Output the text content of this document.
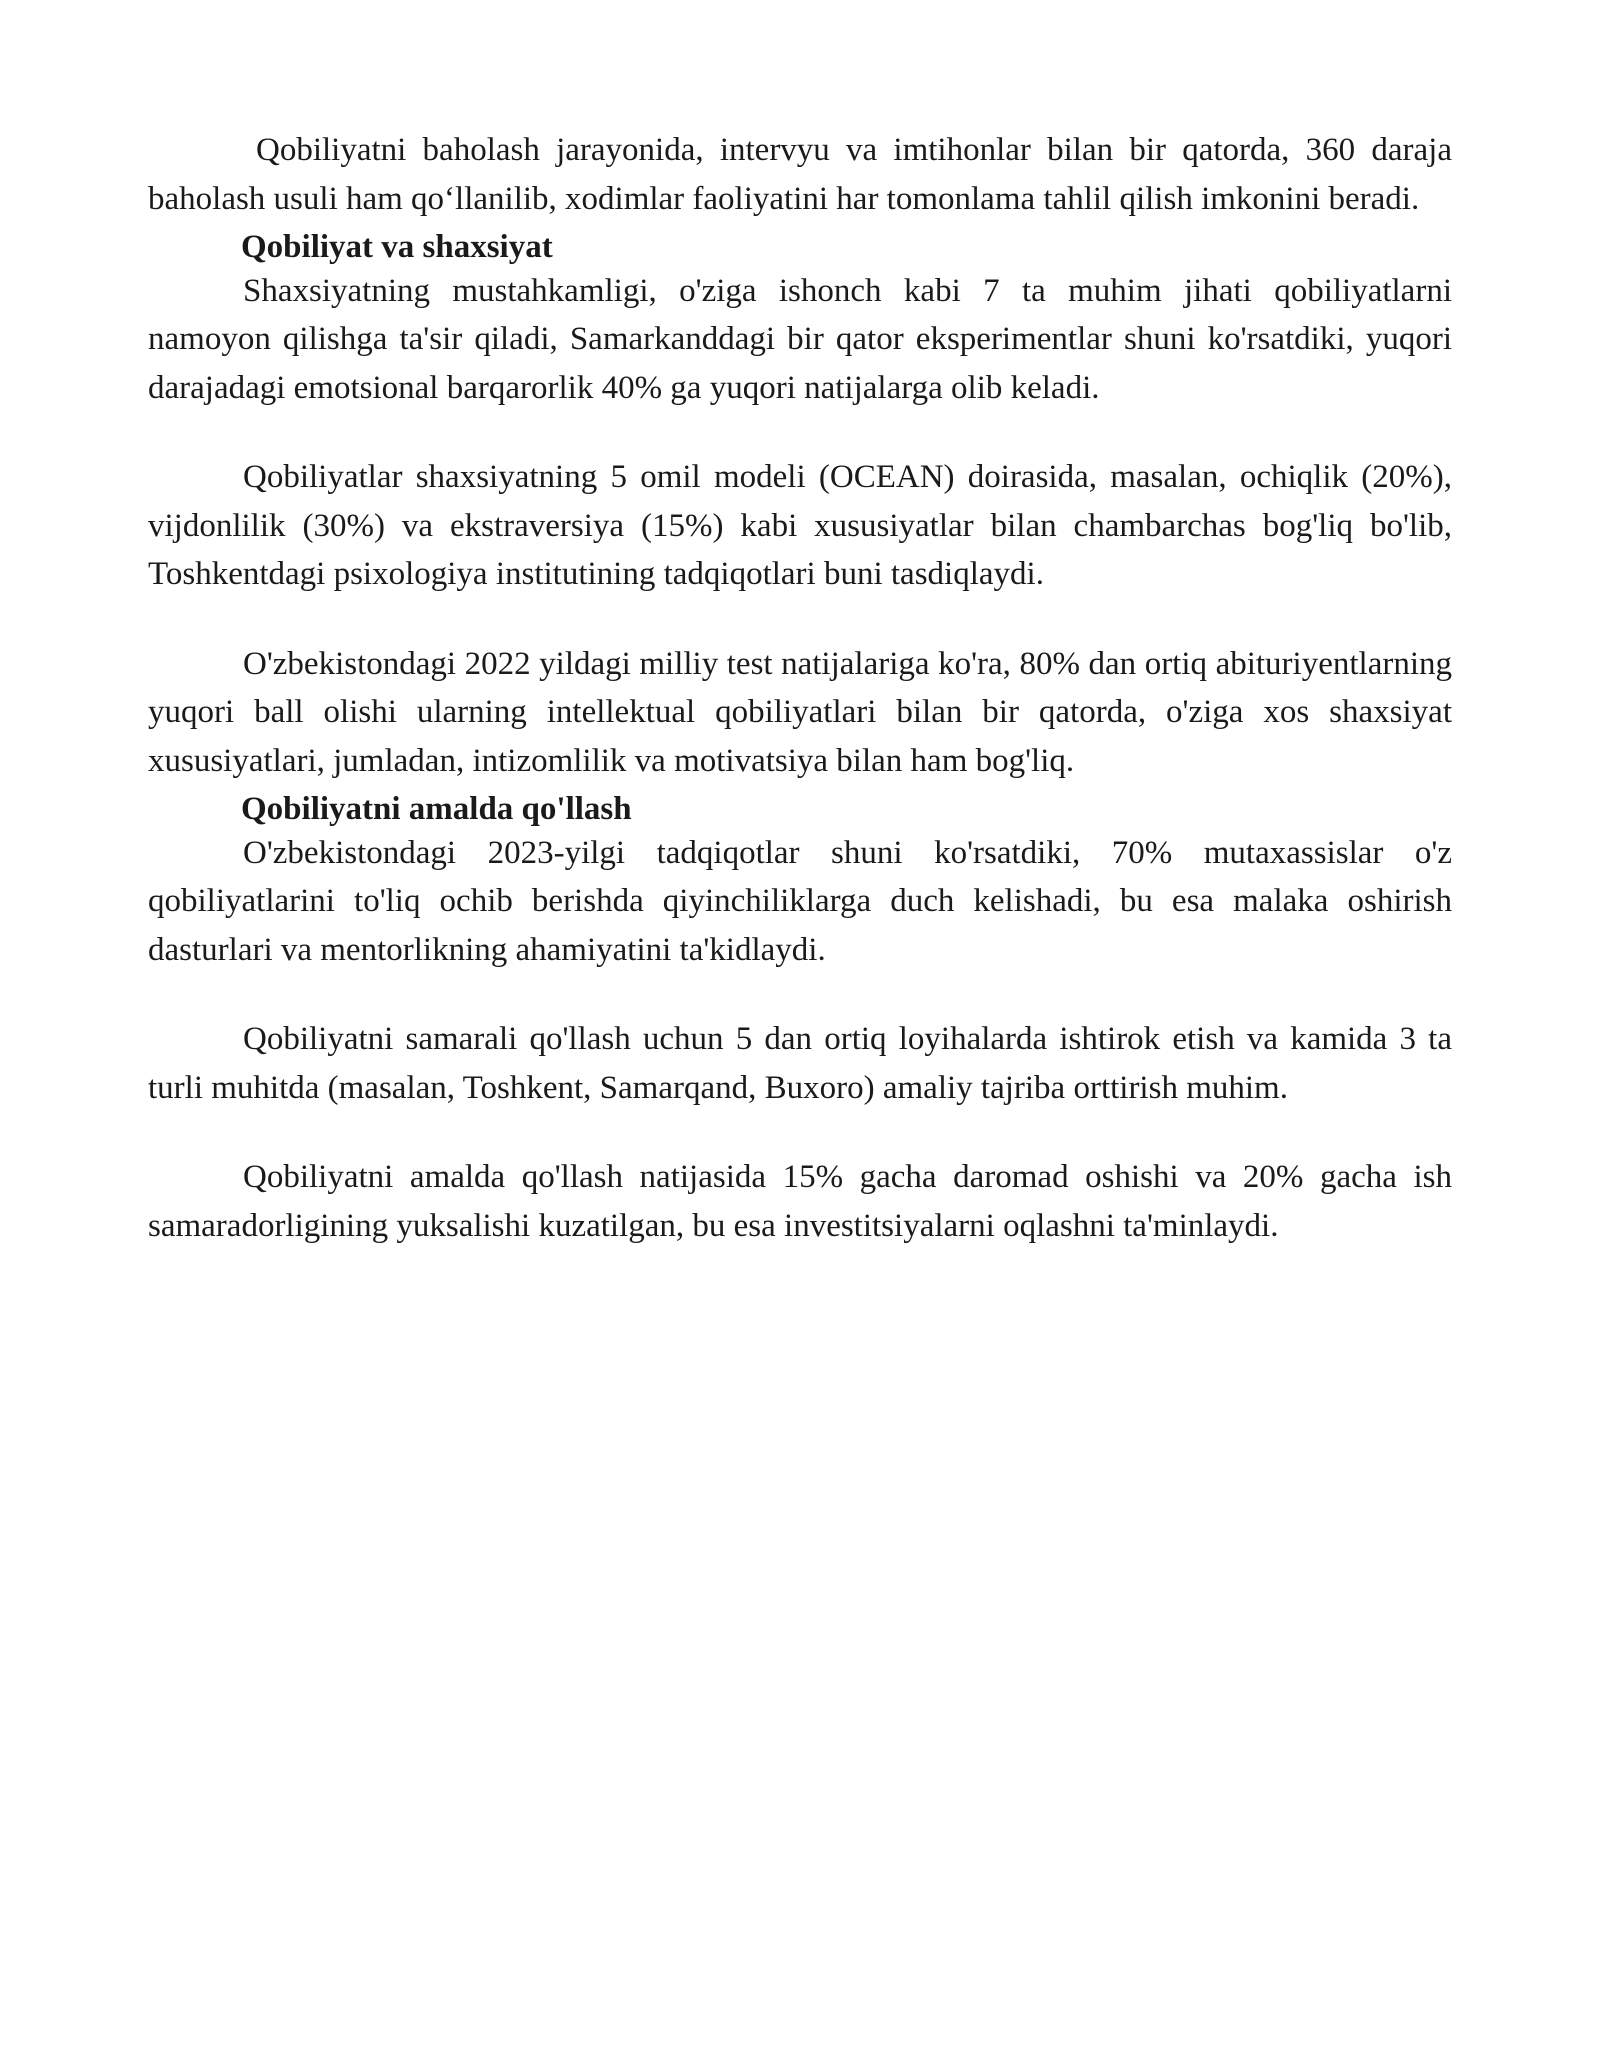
Qobiliyatni baholash jarayonida, intervyu va imtihonlar bilan bir qatorda, 360 daraja baholash usuli ham qo‘llanilib, xodimlar faoliyatini har tomonlama tahlil qilish imkonini beradi.

Qobiliyat va shaxsiyat

Shaxsiyatning mustahkamligi, o'ziga ishonch kabi 7 ta muhim jihati qobiliyatlarni namoyon qilishga ta'sir qiladi, Samarkanddagi bir qator eksperimentlar shuni ko'rsatdiki, yuqori darajadagi emotsional barqarorlik 40% ga yuqori natijalarga olib keladi.

Qobiliyatlar shaxsiyatning 5 omil modeli (OCEAN) doirasida, masalan, ochiqlik (20%), vijdonlilik (30%) va ekstraversiya (15%) kabi xususiyatlar bilan chambarchas bog'liq bo'lib, Toshkentdagi psixologiya institutining tadqiqotlari buni tasdiqlaydi.

O'zbekistondagi 2022 yildagi milliy test natijalariga ko'ra, 80% dan ortiq abituriyentlarning yuqori ball olishi ularning intellektual qobiliyatlari bilan bir qatorda, o'ziga xos shaxsiyat xususiyatlari, jumladan, intizomlilik va motivatsiya bilan ham bog'liq.

Qobiliyatni amalda qo'llash

O'zbekistondagi 2023-yilgi tadqiqotlar shuni ko'rsatdiki, 70% mutaxassislar o'z qobiliyatlarini to'liq ochib berishda qiyinchiliklarga duch kelishadi, bu esa malaka oshirish dasturlari va mentorlikning ahamiyatini ta'kidlaydi.

Qobiliyatni samarali qo'llash uchun 5 dan ortiq loyihalarda ishtirok etish va kamida 3 ta turli muhitda (masalan, Toshkent, Samarqand, Buxoro) amaliy tajriba orttirish muhim.

Qobiliyatni amalda qo'llash natijasida 15% gacha daromad oshishi va 20% gacha ish samaradorligining yuksalishi kuzatilgan, bu esa investitsiyalarni oqlashni ta'minlaydi.
